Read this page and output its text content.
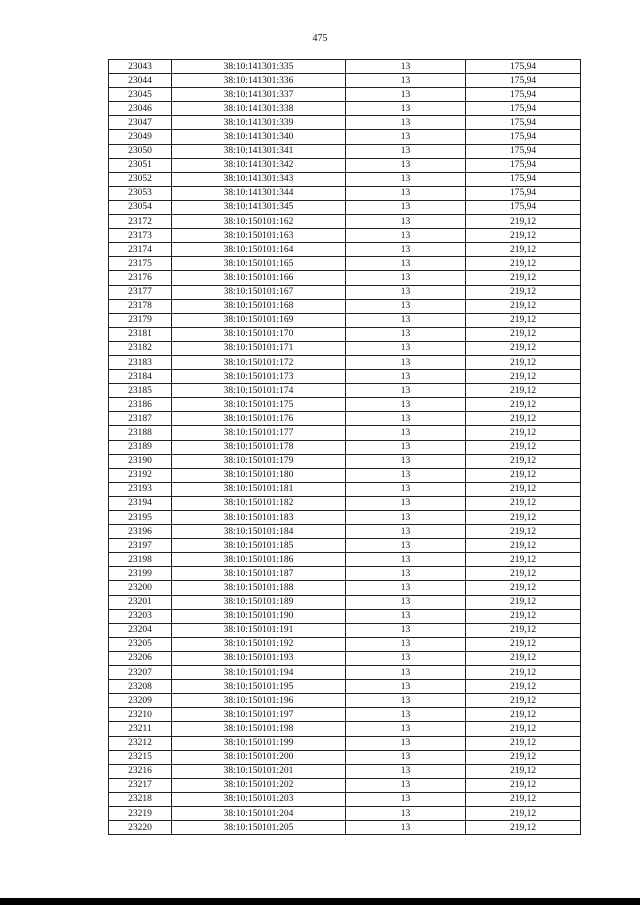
475
23043	38:10:141301:335	13	175,94
23044	38:10:141301:336	13	175,94
23045	38:10:141301:337	13	175,94
23046	38:10:141301:338	13	175,94
23047	38:10:141301:339	13	175,94
23049	38:10:141301:340	13	175,94
23050	38:10:141301:341	13	175,94
23051	38:10:141301:342	13	175,94
23052	38:10:141301:343	13	175,94
23053	38:10:141301:344	13	175,94
23054	38:10:141301:345	13	175,94
23172	38:10:150101:162	13	219,12
23173	38:10:150101:163	13	219,12
23174	38:10:150101:164	13	219,12
23175	38:10:150101:165	13	219,12
23176	38:10:150101:166	13	219,12
23177	38:10:150101:167	13	219,12
23178	38:10:150101:168	13	219,12
23179	38:10:150101:169	13	219,12
23181	38:10:150101:170	13	219,12
23182	38:10:150101:171	13	219,12
23183	38:10:150101:172	13	219,12
23184	38:10:150101:173	13	219,12
23185	38:10:150101:174	13	219,12
23186	38:10:150101:175	13	219,12
23187	38:10:150101:176	13	219,12
23188	38:10:150101:177	13	219,12
23189	38:10:150101:178	13	219,12
23190	38:10:150101:179	13	219,12
23192	38:10:150101:180	13	219,12
23193	38:10:150101:181	13	219,12
23194	38:10:150101:182	13	219,12
23195	38:10:150101:183	13	219,12
23196	38:10:150101:184	13	219,12
23197	38:10:150101:185	13	219,12
23198	38:10:150101:186	13	219,12
23199	38:10:150101:187	13	219,12
23200	38:10:150101:188	13	219,12
23201	38:10:150101:189	13	219,12
23203	38:10:150101:190	13	219,12
23204	38:10:150101:191	13	219,12
23205	38:10:150101:192	13	219,12
23206	38:10:150101:193	13	219,12
23207	38:10:150101:194	13	219,12
23208	38:10:150101:195	13	219,12
23209	38:10:150101:196	13	219,12
23210	38:10:150101:197	13	219,12
23211	38:10:150101:198	13	219,12
23212	38:10:150101:199	13	219,12
23215	38:10:150101:200	13	219,12
23216	38:10:150101:201	13	219,12
23217	38:10:150101:202	13	219,12
23218	38:10:150101:203	13	219,12
23219	38:10:150101:204	13	219,12
23220	38:10:150101:205	13	219,12
